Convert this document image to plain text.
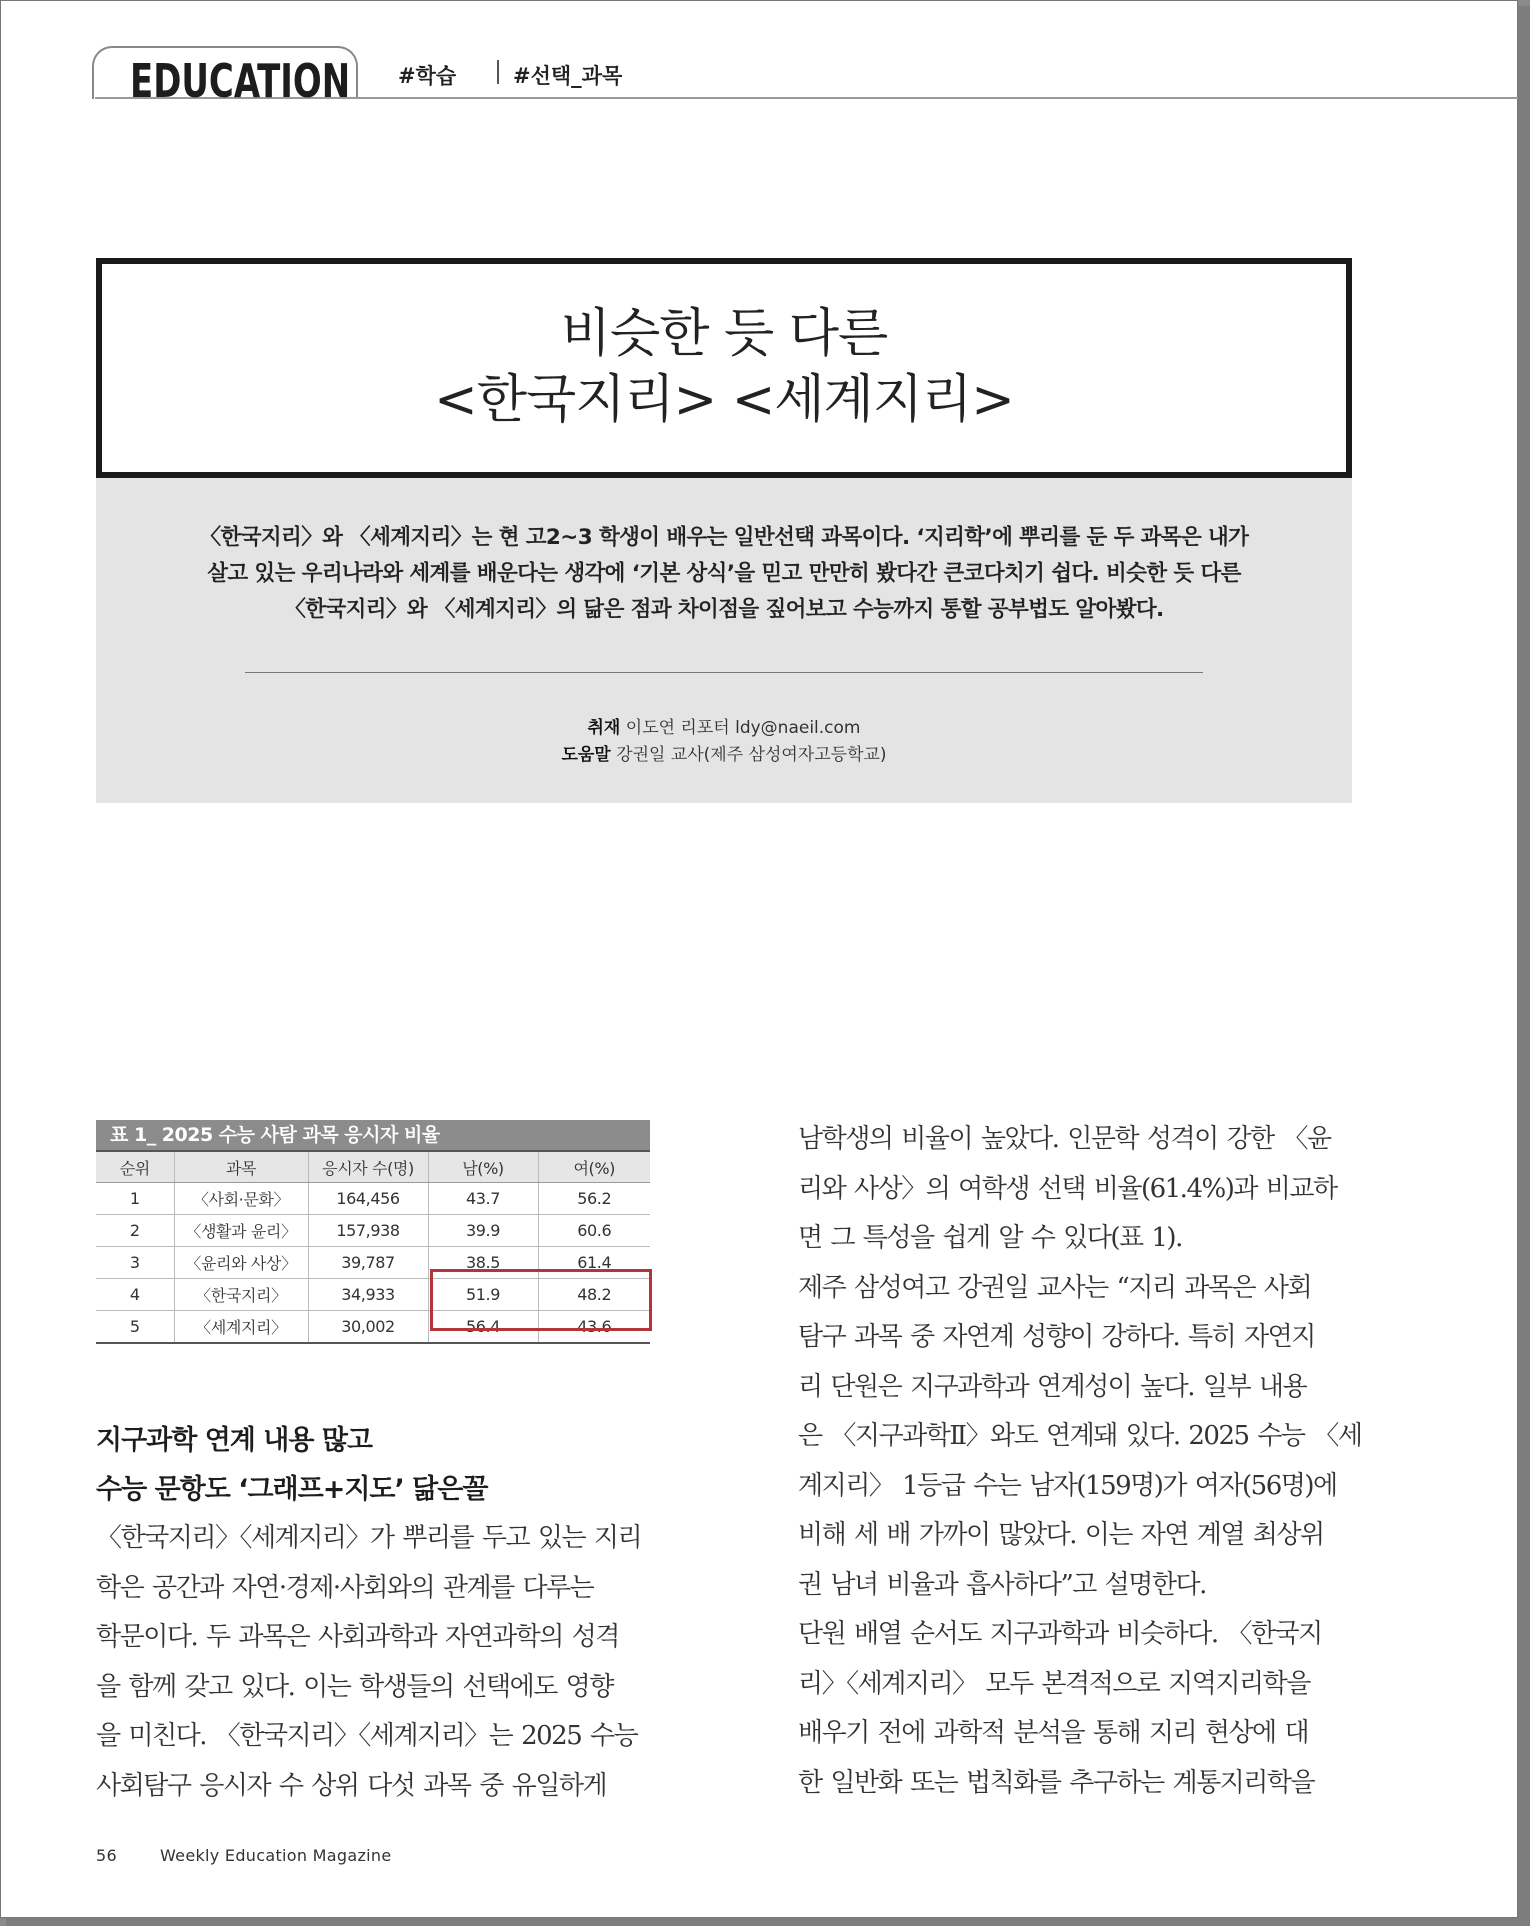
EDUCATION #학습	#선택_과목
비슷한 듯 다른
<한국지리> <세계지리>
〈한국지리〉와 〈세계지리〉는 현 고2~3 학생이 배우는 일반선택 과목이다. ‘지리학’에 뿌리를 둔 두 과목은 내가
살고 있는 우리나라와 세계를 배운다는 생각에 ‘기본 상식’을 믿고 만만히 봤다간 큰코다치기 쉽다. 비슷한 듯 다른
〈한국지리〉와 〈세계지리〉의 닮은 점과 차이점을 짚어보고 수능까지 통할 공부법도 알아봤다.
취재 이도연 리포터 ldy@naeil.com
도움말 강권일 교사(제주 삼성여자고등학교)
표 1_ 2025 수능 사탐 과목 응시자 비율
순위	과목	응시자 수(명)	남(%)	여(%)
1	〈사회·문화〉	164,456	43.7	56.2
2	〈생활과 윤리〉	157,938	39.9	60.6
3	〈윤리와 사상〉	39,787	38.5	61.4
4	〈한국지리〉	34,933	51.9	48.2
5	〈세계지리〉	30,002	56.4	43.6
지구과학 연계 내용 많고
수능 문항도 ‘그래프+지도’ 닮은꼴

〈한국지리〉〈세계지리〉가 뿌리를 두고 있는 지리

학은 공간과 자연·경제·사회와의 관계를 다루는

학문이다. 두 과목은 사회과학과 자연과학의 성격

을 함께 갖고 있다. 이는 학생들의 선택에도 영향

을 미친다. 〈한국지리〉〈세계지리〉는 2025 수능

사회탐구 응시자 수 상위 다섯 과목 중 유일하게

남학생의 비율이 높았다. 인문학 성격이 강한 〈윤

리와 사상〉의 여학생 선택 비율(61.4%)과 비교하

면 그 특성을 쉽게 알 수 있다(표 1).

제주 삼성여고 강권일 교사는 “지리 과목은 사회

탐구 과목 중 자연계 성향이 강하다. 특히 자연지

리 단원은 지구과학과 연계성이 높다. 일부 내용

은 〈지구과학Ⅱ〉와도 연계돼 있다. 2025 수능 〈세

계지리〉 1등급 수는 남자(159명)가 여자(56명)에

비해 세 배 가까이 많았다. 이는 자연 계열 최상위

권 남녀 비율과 흡사하다”고 설명한다.

단원 배열 순서도 지구과학과 비슷하다. 〈한국지

리〉〈세계지리〉 모두 본격적으로 지역지리학을

배우기 전에 과학적 분석을 통해 지리 현상에 대

한 일반화 또는 법칙화를 추구하는 계통지리학을

56	Weekly Education Magazine
